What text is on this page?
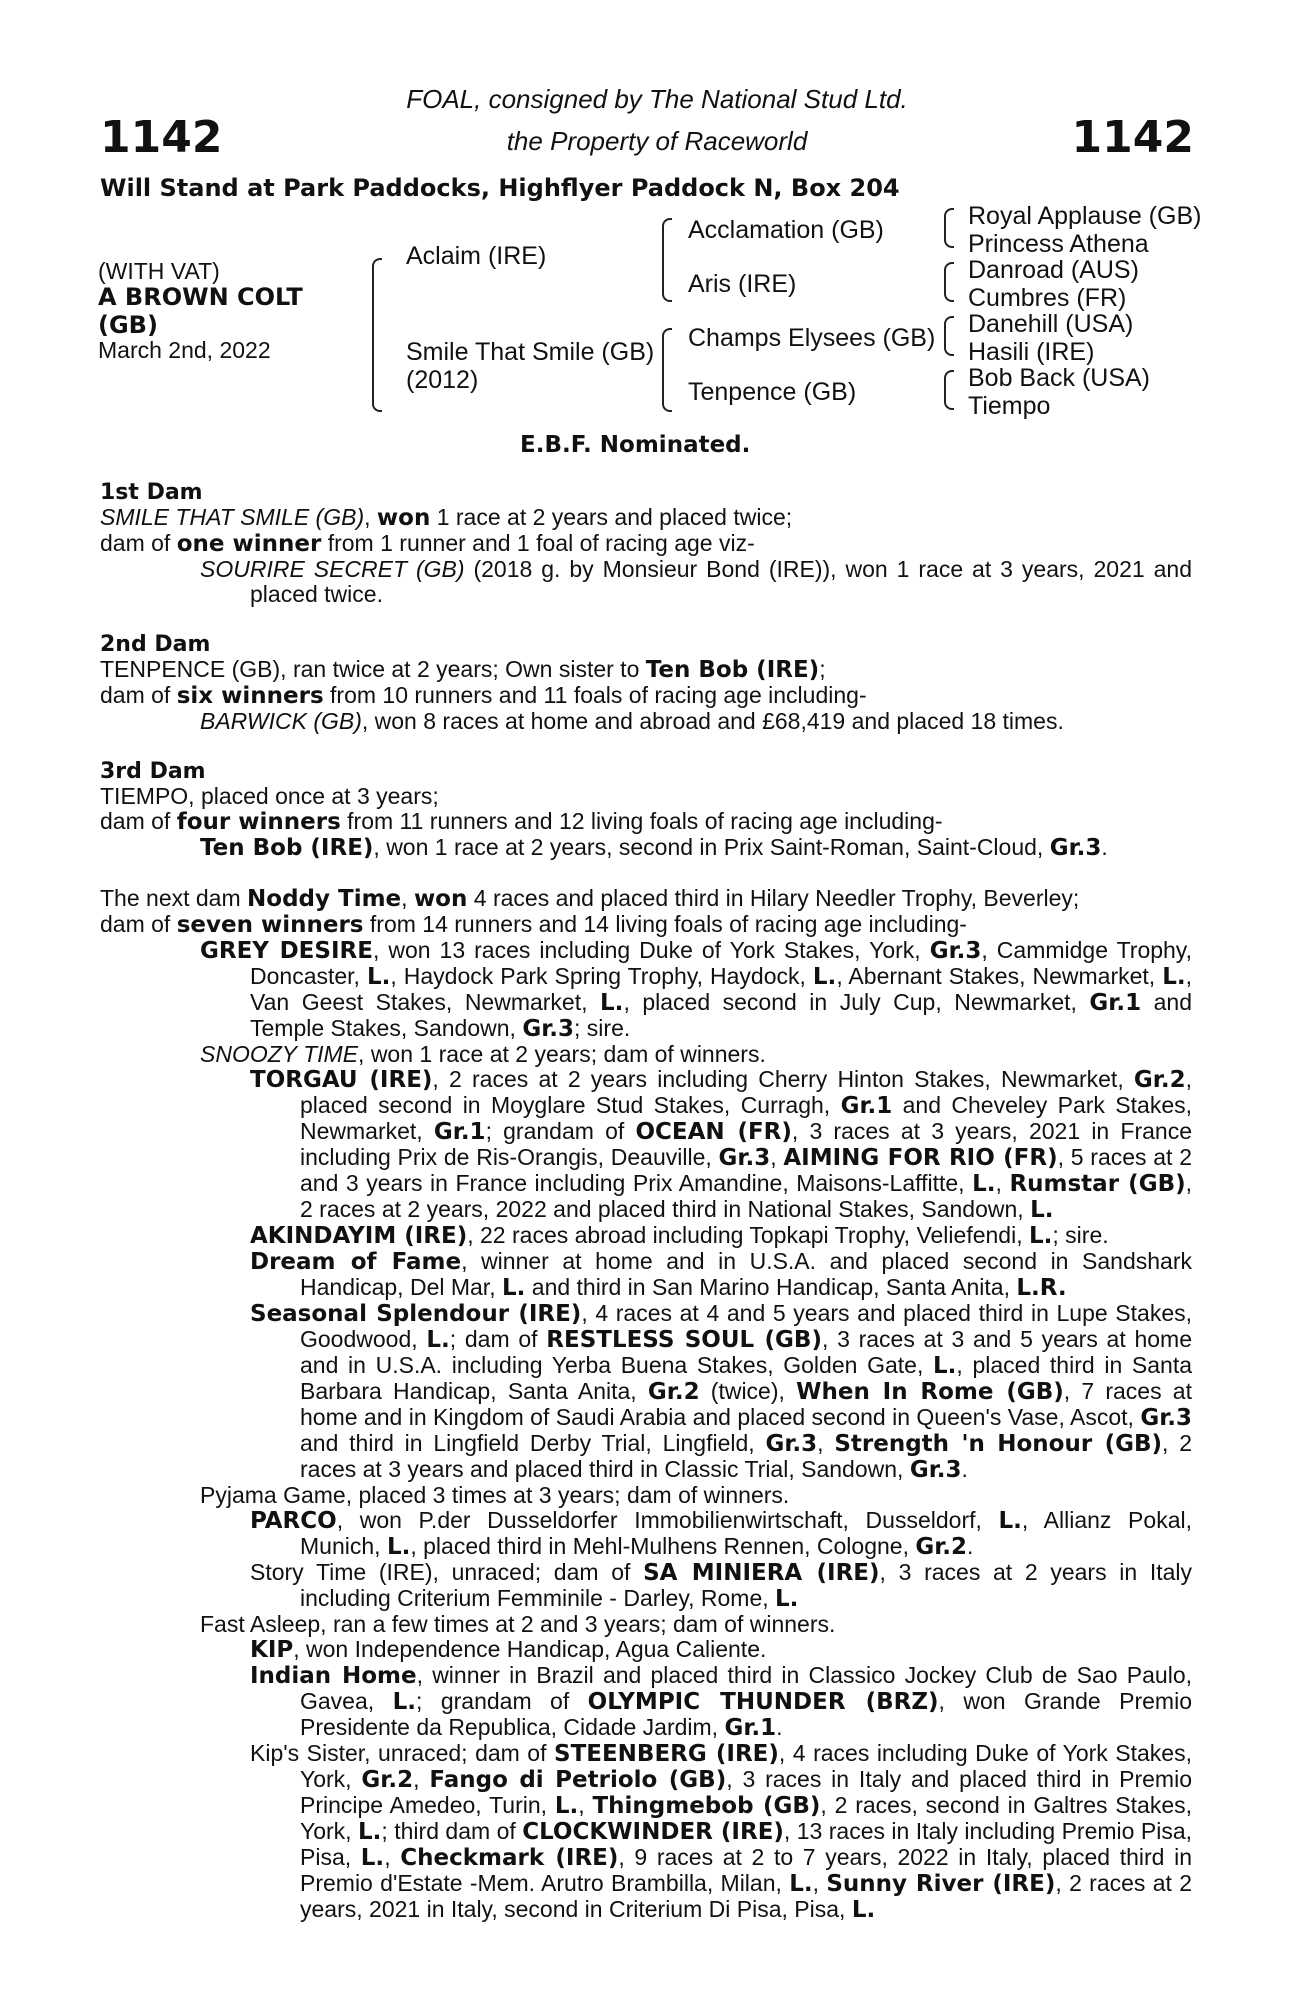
1142	1142
FOAL, consigned by The National Stud Ltd.
the Property of Raceworld
Will Stand at Park Paddocks, Highflyer Paddock N, Box 204
(WITH VAT)
A BROWN COLT
(GB)
March 2nd, 2022
Aclaim (IRE)
Smile That Smile (GB)
(2012)
Acclamation (GB)
Aris (IRE)
Champs Elysees (GB)
Tenpence (GB)
Royal Applause (GB)
Princess Athena
Danroad (AUS)
Cumbres (FR)
Danehill (USA)
Hasili (IRE)
Bob Back (USA)
Tiempo
E.B.F. Nominated.

1st Dam

SMILE THAT SMILE (GB), won 1 race at 2 years and placed twice;

dam of one winner from 1 runner and 1 foal of racing age viz-

SOURIRE SECRET (GB) (2018 g. by Monsieur Bond (IRE)), won 1 race at 3 years, 2021 and placed twice.

2nd Dam

TENPENCE (GB), ran twice at 2 years; Own sister to Ten Bob (IRE);

dam of six winners from 10 runners and 11 foals of racing age including-

BARWICK (GB), won 8 races at home and abroad and £68,419 and placed 18 times.

3rd Dam

TIEMPO, placed once at 3 years;

dam of four winners from 11 runners and 12 living foals of racing age including-

Ten Bob (IRE), won 1 race at 2 years, second in Prix Saint-Roman, Saint-Cloud, Gr.3.

The next dam Noddy Time, won 4 races and placed third in Hilary Needler Trophy, Beverley;

dam of seven winners from 14 runners and 14 living foals of racing age including-

GREY DESIRE, won 13 races including Duke of York Stakes, York, Gr.3, Cammidge Trophy, Doncaster, L., Haydock Park Spring Trophy, Haydock, L., Abernant Stakes, Newmarket, L., Van Geest Stakes, Newmarket, L., placed second in July Cup, Newmarket, Gr.1 and Temple Stakes, Sandown, Gr.3; sire.

SNOOZY TIME, won 1 race at 2 years; dam of winners.

TORGAU (IRE), 2 races at 2 years including Cherry Hinton Stakes, Newmarket, Gr.2, placed second in Moyglare Stud Stakes, Curragh, Gr.1 and Cheveley Park Stakes, Newmarket, Gr.1; grandam of OCEAN (FR), 3 races at 3 years, 2021 in France including Prix de Ris-Orangis, Deauville, Gr.3, AIMING FOR RIO (FR), 5 races at 2 and 3 years in France including Prix Amandine, Maisons-Laffitte, L., Rumstar (GB), 2 races at 2 years, 2022 and placed third in National Stakes, Sandown, L.

AKINDAYIM (IRE), 22 races abroad including Topkapi Trophy, Veliefendi, L.; sire.

Dream of Fame, winner at home and in U.S.A. and placed second in Sandshark Handicap, Del Mar, L. and third in San Marino Handicap, Santa Anita, L.R.

Seasonal Splendour (IRE), 4 races at 4 and 5 years and placed third in Lupe Stakes, Goodwood, L.; dam of RESTLESS SOUL (GB), 3 races at 3 and 5 years at home and in U.S.A. including Yerba Buena Stakes, Golden Gate, L., placed third in Santa Barbara Handicap, Santa Anita, Gr.2 (twice), When In Rome (GB), 7 races at home and in Kingdom of Saudi Arabia and placed second in Queen's Vase, Ascot, Gr.3 and third in Lingfield Derby Trial, Lingfield, Gr.3, Strength 'n Honour (GB), 2 races at 3 years and placed third in Classic Trial, Sandown, Gr.3.

Pyjama Game, placed 3 times at 3 years; dam of winners.

PARCO, won P.der Dusseldorfer Immobilienwirtschaft, Dusseldorf, L., Allianz Pokal, Munich, L., placed third in Mehl-Mulhens Rennen, Cologne, Gr.2.

Story Time (IRE), unraced; dam of SA MINIERA (IRE), 3 races at 2 years in Italy including Criterium Femminile - Darley, Rome, L.

Fast Asleep, ran a few times at 2 and 3 years; dam of winners.

KIP, won Independence Handicap, Agua Caliente.

Indian Home, winner in Brazil and placed third in Classico Jockey Club de Sao Paulo, Gavea, L.; grandam of OLYMPIC THUNDER (BRZ), won Grande Premio Presidente da Republica, Cidade Jardim, Gr.1.

Kip's Sister, unraced; dam of STEENBERG (IRE), 4 races including Duke of York Stakes, York, Gr.2, Fango di Petriolo (GB), 3 races in Italy and placed third in Premio Principe Amedeo, Turin, L., Thingmebob (GB), 2 races, second in Galtres Stakes, York, L.; third dam of CLOCKWINDER (IRE), 13 races in Italy including Premio Pisa, Pisa, L., Checkmark (IRE), 9 races at 2 to 7 years, 2022 in Italy, placed third in Premio d'Estate -Mem. Arutro Brambilla, Milan, L., Sunny River (IRE), 2 races at 2 years, 2021 in Italy, second in Criterium Di Pisa, Pisa, L.
